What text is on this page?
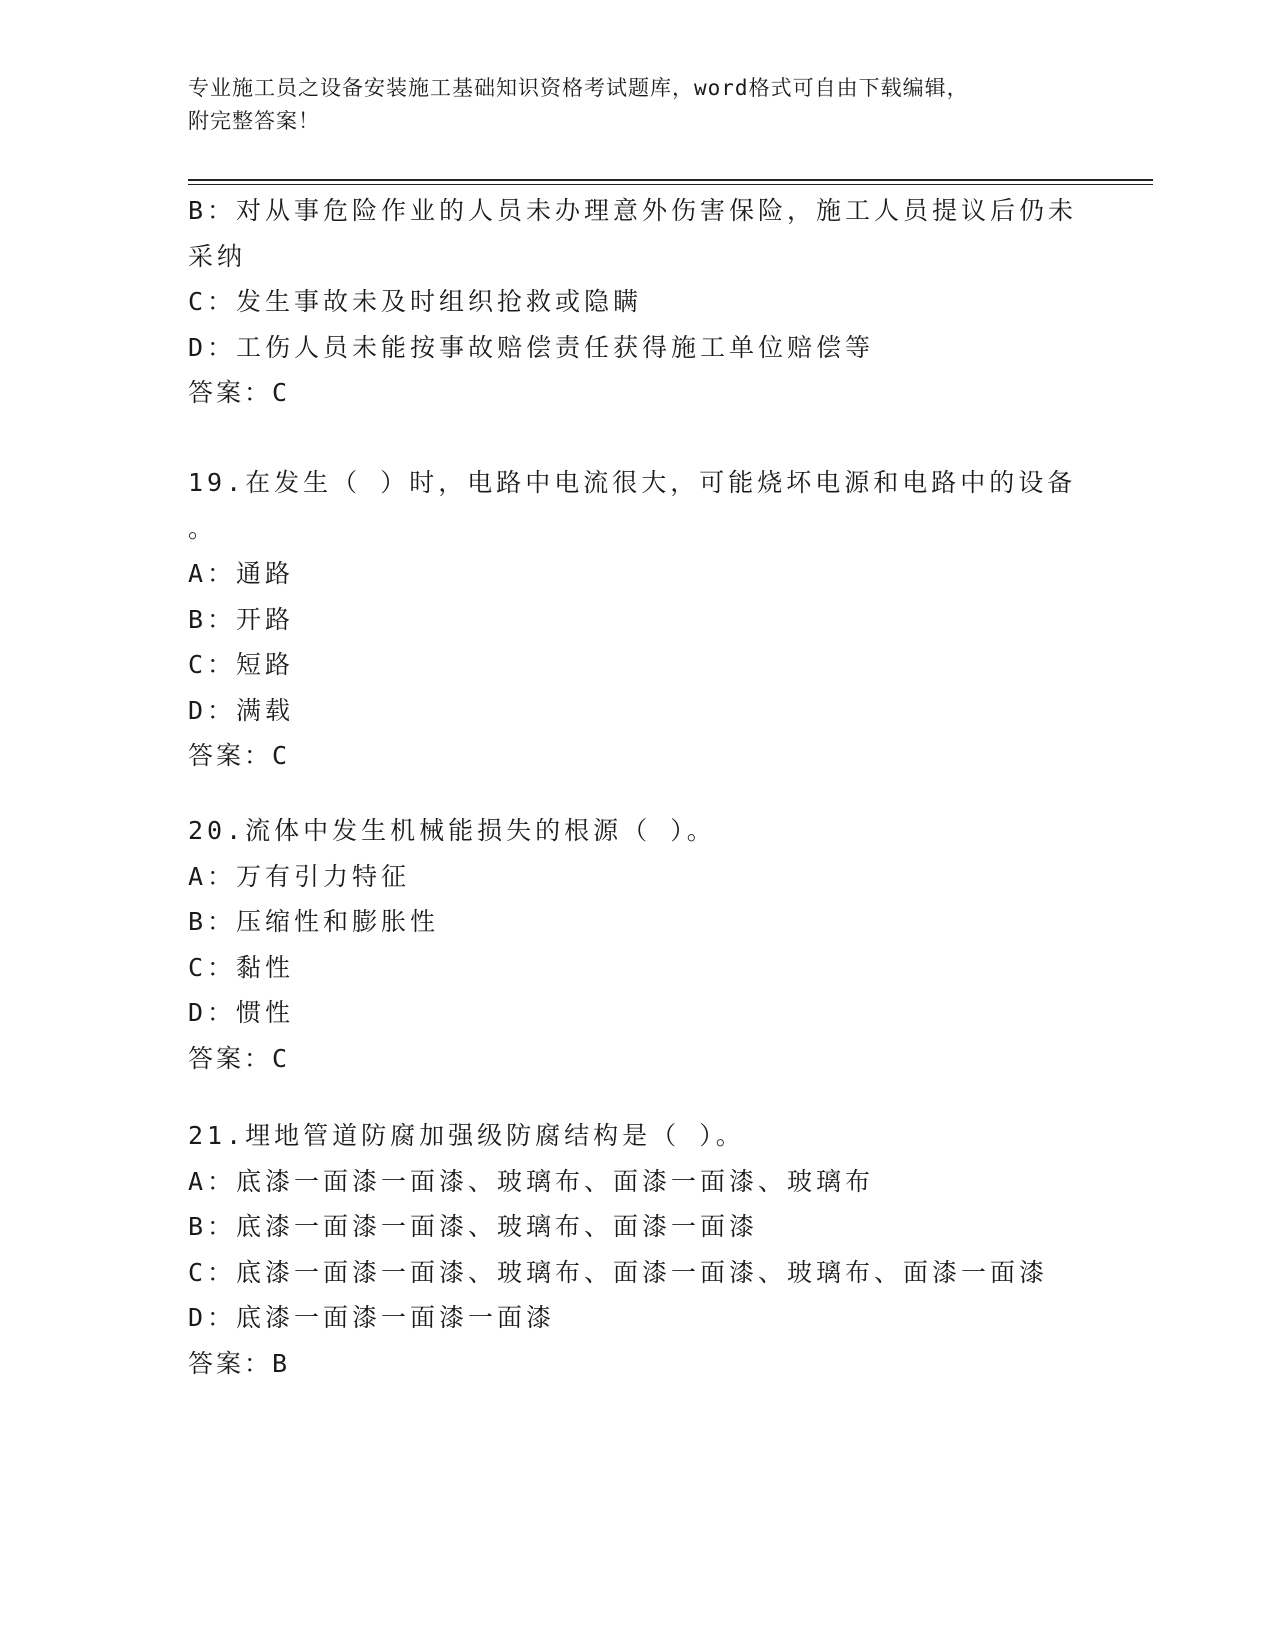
专业施工员之设备安装施工基础知识资格考试题库，word格式可自由下载编辑，
附完整答案！
B：对从事危险作业的人员未办理意外伤害保险，施工人员提议后仍未
采纳
C：发生事故未及时组织抢救或隐瞒
D：工伤人员未能按事故赔偿责任获得施工单位赔偿等
答案：C
19.在发生（ ）时，电路中电流很大，可能烧坏电源和电路中的设备
。
A：通路
B：开路
C：短路
D：满载
答案：C
20.流体中发生机械能损失的根源（ ）。
A：万有引力特征
B：压缩性和膨胀性
C：黏性
D：惯性
答案：C
21.埋地管道防腐加强级防腐结构是（ ）。
A：底漆一面漆一面漆、玻璃布、面漆一面漆、玻璃布
B：底漆一面漆一面漆、玻璃布、面漆一面漆
C：底漆一面漆一面漆、玻璃布、面漆一面漆、玻璃布、面漆一面漆
D：底漆一面漆一面漆一面漆
答案：B
